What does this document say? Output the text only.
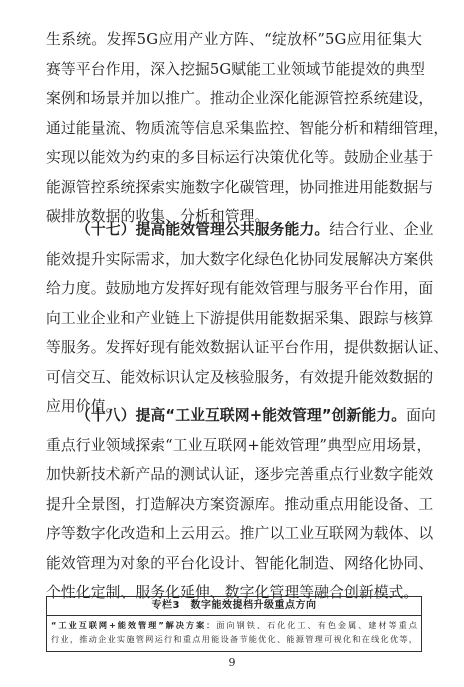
生系统。发挥5G应用产业方阵、“绽放杯”5G应用征集大
赛等平台作用，深入挖掘5G赋能工业领域节能提效的典型
案例和场景并加以推广。推动企业深化能源管控系统建设，
通过能量流、物质流等信息采集监控、智能分析和精细管理，
实现以能效为约束的多目标运行决策优化等。鼓励企业基于
能源管控系统探索实施数字化碳管理，协同推进用能数据与
碳排放数据的收集、分析和管理。
（十七）提高能效管理公共服务能力。结合行业、企业
能效提升实际需求，加大数字化绿色化协同发展解决方案供
给力度。鼓励地方发挥好现有能效管理与服务平台作用，面
向工业企业和产业链上下游提供用能数据采集、跟踪与核算
等服务。发挥好现有能效数据认证平台作用，提供数据认证、
可信交互、能效标识认定及核验服务，有效提升能效数据的
应用价值。
（十八）提高“工业互联网+能效管理”创新能力。面向
重点行业领域探索“工业互联网+能效管理”典型应用场景，
加快新技术新产品的测试认证，逐步完善重点行业数字能效
提升全景图，打造解决方案资源库。推动重点用能设备、工
序等数字化改造和上云用云。推广以工业互联网为载体、以
能效管理为对象的平台化设计、智能化制造、网络化协同、
个性化定制、服务化延伸、数字化管理等融合创新模式。
专栏3　数字能效提档升级重点方向
“工业互联网+能效管理”解决方案：面向钢铁、石化化工、有色金属、建材等重点
行业，推动企业实施管网运行和重点用能设备节能优化、能源管理可视化和在线化优等，
9
